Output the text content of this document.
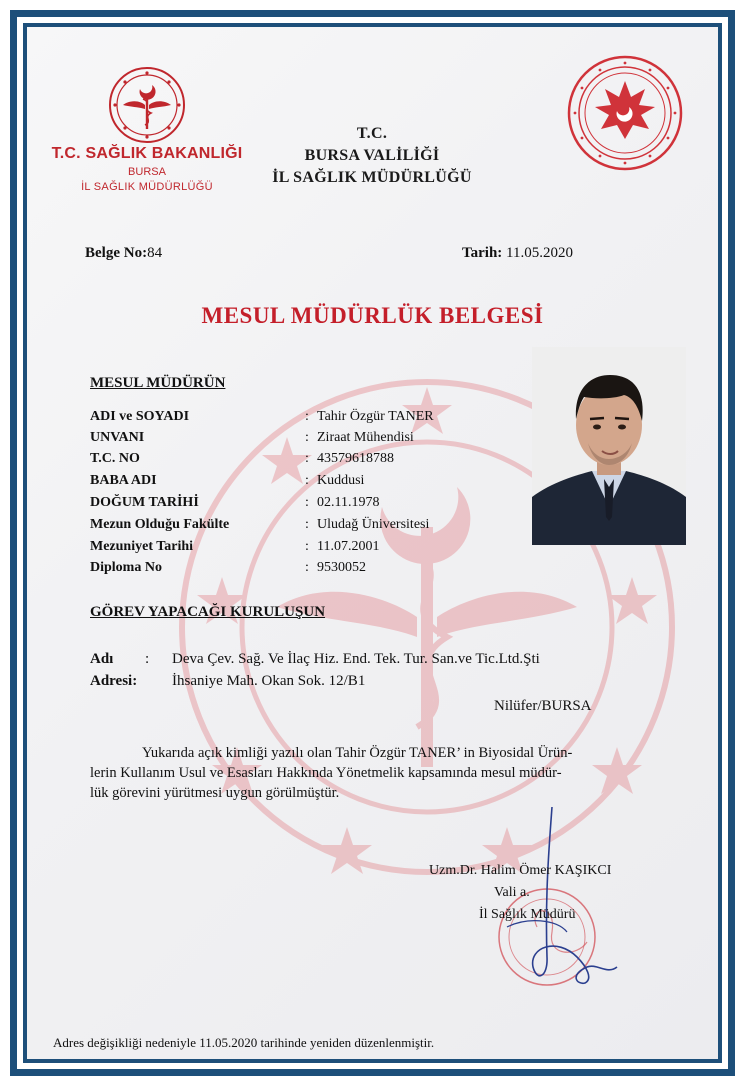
T.C. SAĞLIK BAKANLIĞI
BURSA
İL SAĞLIK MÜDÜRLÜĞÜ
T.C.
BURSA VALİLİĞİ
İL SAĞLIK MÜDÜRLÜĞÜ
Belge No:84	Tarih: 11.05.2020
MESUL MÜDÜRLÜK BELGESİ
MESUL MÜDÜRÜN
ADI ve SOYADI	: Tahir Özgür TANER
UNVANI	: Ziraat Mühendisi
T.C. NO	: 43579618788
BABA ADI	: Kuddusi
DOĞUM TARİHİ	: 02.11.1978
Mezun Olduğu Fakülte	: Uludağ Üniversitesi
Mezuniyet Tarihi	: 11.07.2001
Diploma No	: 9530052
GÖREV YAPACAĞI KURULUŞUN
Adı : Deva Çev. Sağ. Ve İlaç Hiz. End. Tek. Tur. San.ve Tic.Ltd.Şti
Adresi: İhsaniye Mah. Okan Sok. 12/B1
Nilüfer/BURSA
Yukarıda açık kimliği yazılı olan Tahir Özgür TANER’ in Biyosidal Ürün-
lerin Kullanım Usul ve Esasları Hakkında Yönetmelik kapsamında mesul müdür-
lük görevini yürütmesi uygun görülmüştür.
Uzm.Dr. Halim Ömer KAŞIKCI
Vali a.
İl Sağlık Müdürü
Adres değişikliği nedeniyle 11.05.2020 tarihinde yeniden düzenlenmiştir.
